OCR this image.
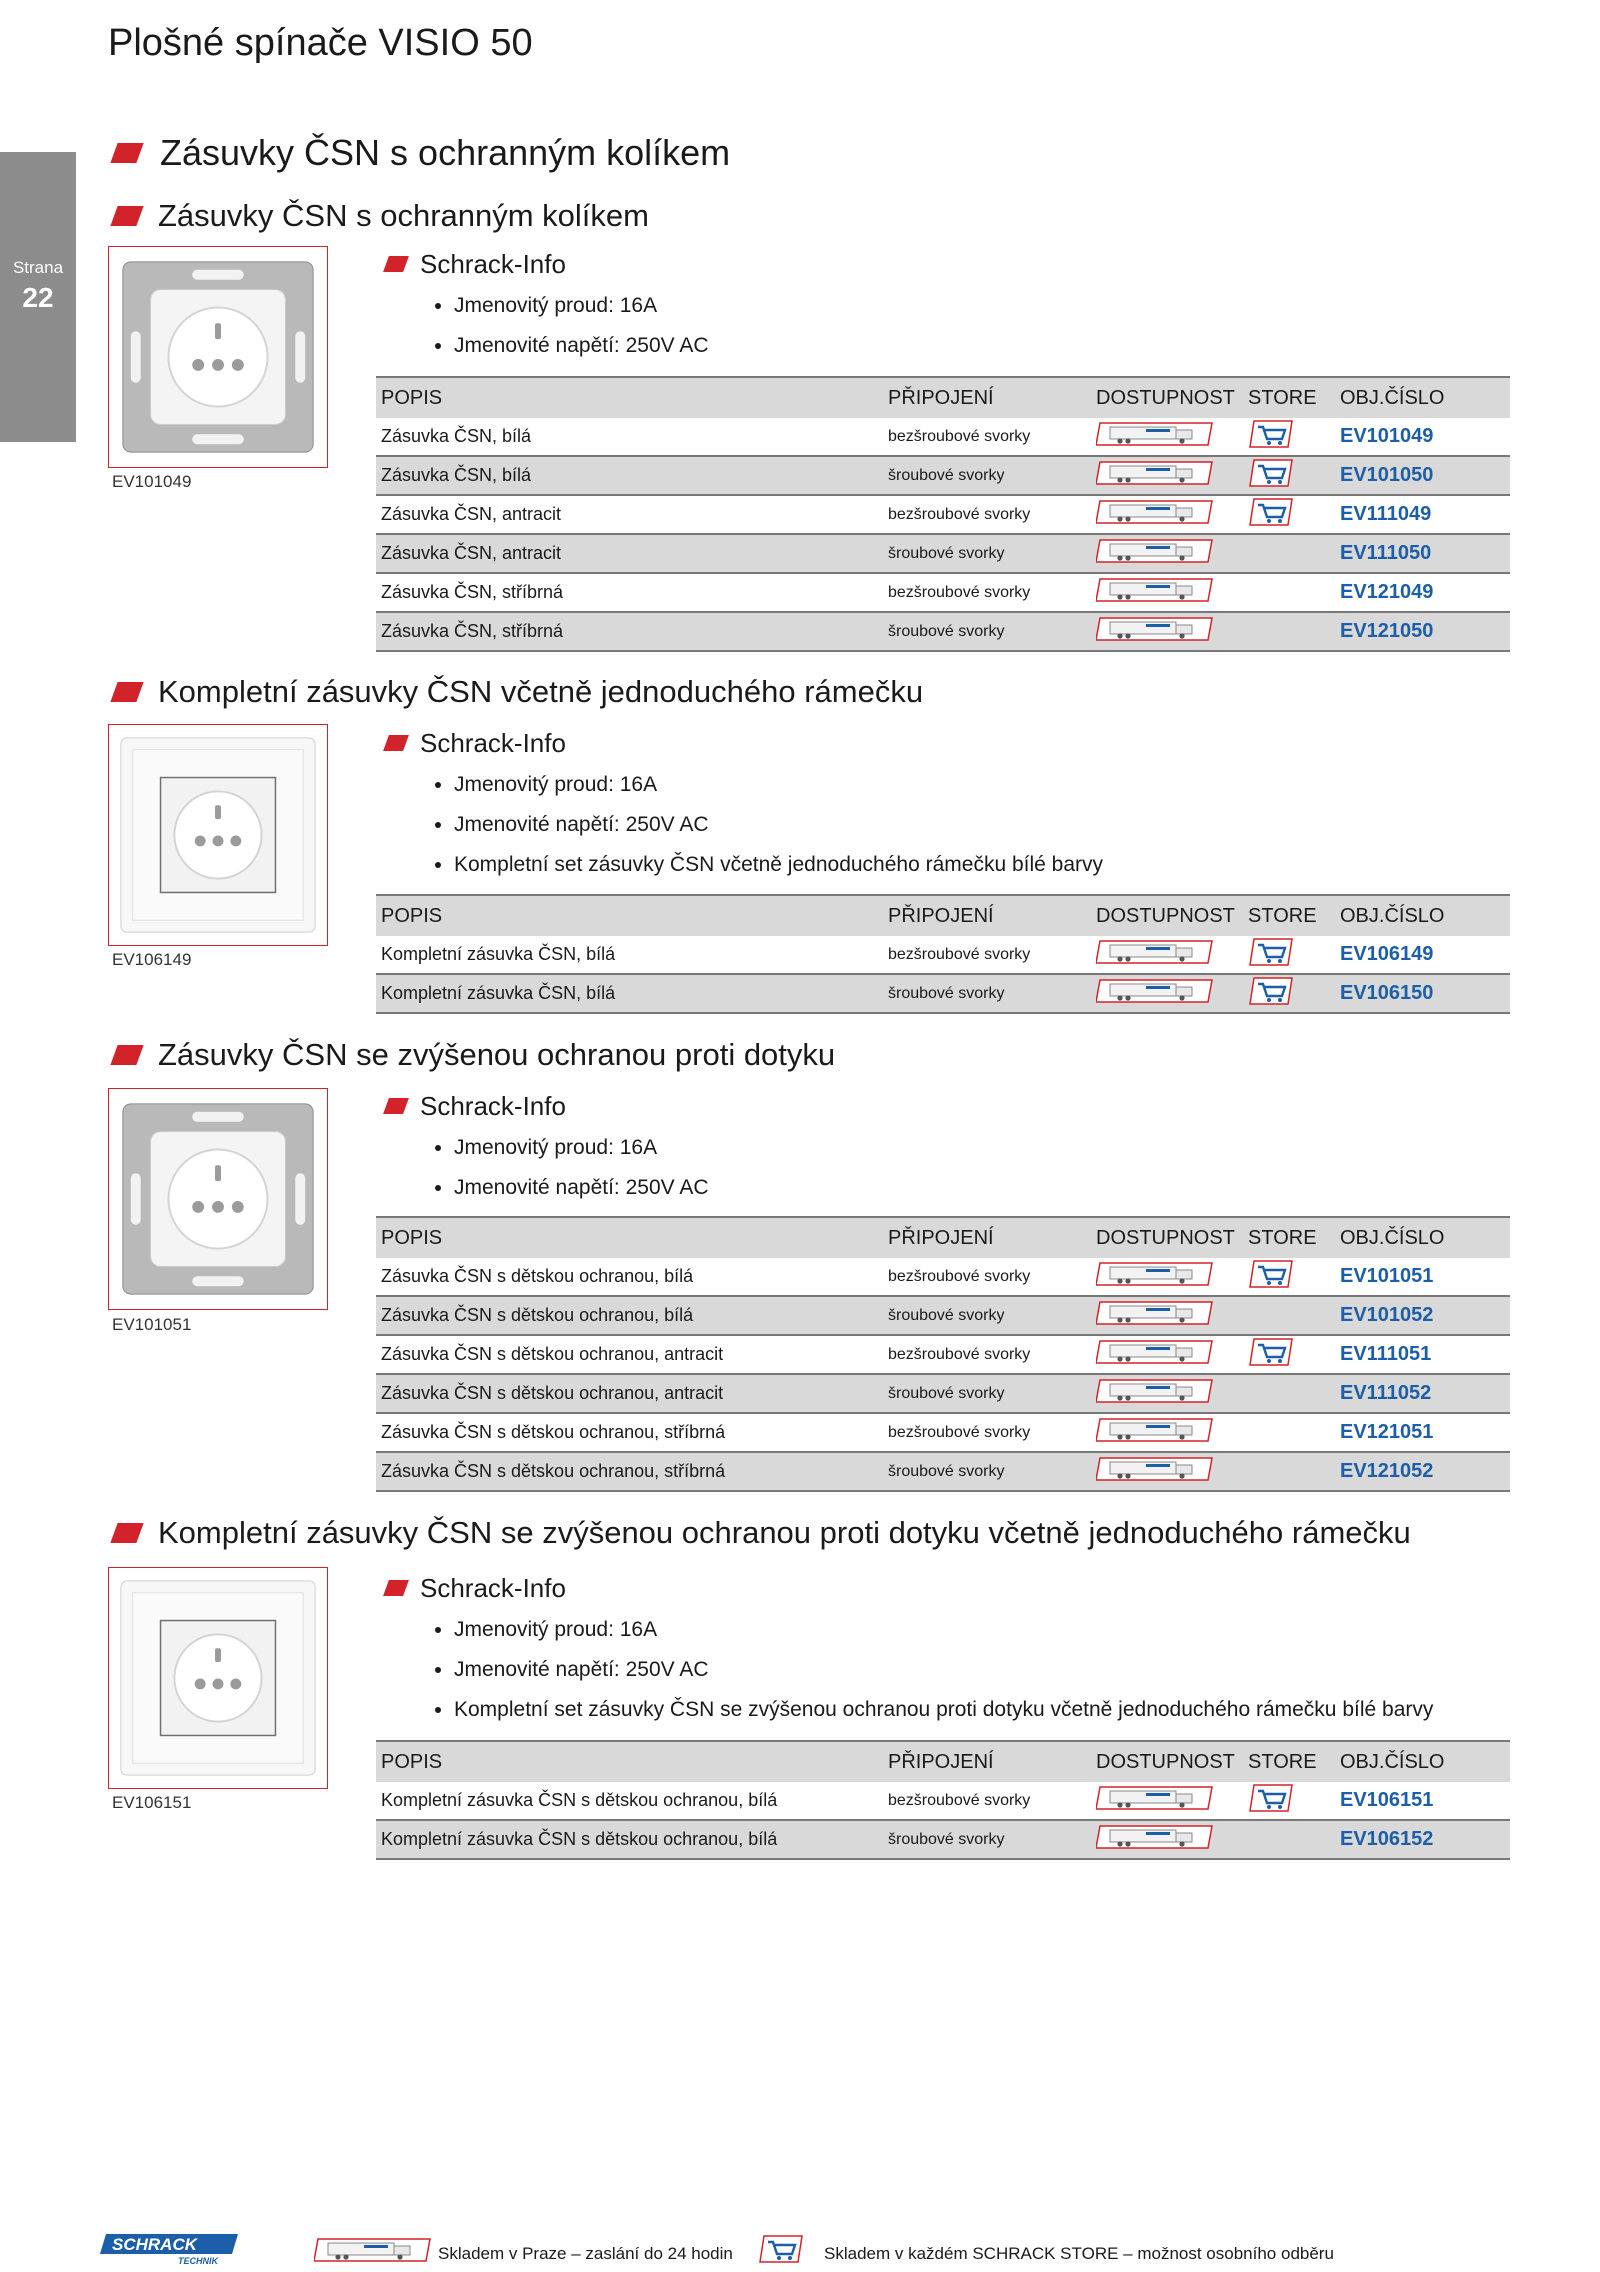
Plošné spínače VISIO 50
Strana
22
Zásuvky ČSN s ochranným kolíkem
Zásuvky ČSN s ochranným kolíkem
EV101049
Schrack-Info
• Jmenovitý proud: 16A
• Jmenovité napětí: 250V AC
POPIS	PŘIPOJENÍ	DOSTUPNOST	STORE	OBJ.ČÍSLO
Zásuvka ČSN, bílá	bezšroubové svorky			EV101049
Zásuvka ČSN, bílá	šroubové svorky			EV101050
Zásuvka ČSN, antracit	bezšroubové svorky			EV111049
Zásuvka ČSN, antracit	šroubové svorky			EV111050
Zásuvka ČSN, stříbrná	bezšroubové svorky			EV121049
Zásuvka ČSN, stříbrná	šroubové svorky			EV121050
Kompletní zásuvky ČSN včetně jednoduchého rámečku
EV106149
Schrack-Info
• Jmenovitý proud: 16A
• Jmenovité napětí: 250V AC
• Kompletní set zásuvky ČSN včetně jednoduchého rámečku bílé barvy
POPIS	PŘIPOJENÍ	DOSTUPNOST	STORE	OBJ.ČÍSLO
Kompletní zásuvka ČSN, bílá	bezšroubové svorky			EV106149
Kompletní zásuvka ČSN, bílá	šroubové svorky			EV106150
Zásuvky ČSN se zvýšenou ochranou proti dotyku
EV101051
Schrack-Info
• Jmenovitý proud: 16A
• Jmenovité napětí: 250V AC
POPIS	PŘIPOJENÍ	DOSTUPNOST	STORE	OBJ.ČÍSLO
Zásuvka ČSN s dětskou ochranou, bílá	bezšroubové svorky			EV101051
Zásuvka ČSN s dětskou ochranou, bílá	šroubové svorky			EV101052
Zásuvka ČSN s dětskou ochranou, antracit	bezšroubové svorky			EV111051
Zásuvka ČSN s dětskou ochranou, antracit	šroubové svorky			EV111052
Zásuvka ČSN s dětskou ochranou, stříbrná	bezšroubové svorky			EV121051
Zásuvka ČSN s dětskou ochranou, stříbrná	šroubové svorky			EV121052
Kompletní zásuvky ČSN se zvýšenou ochranou proti dotyku včetně jednoduchého rámečku
EV106151
Schrack-Info
• Jmenovitý proud: 16A
• Jmenovité napětí: 250V AC
• Kompletní set zásuvky ČSN se zvýšenou ochranou proti dotyku včetně jednoduchého rámečku bílé barvy
POPIS	PŘIPOJENÍ	DOSTUPNOST	STORE	OBJ.ČÍSLO
Kompletní zásuvka ČSN s dětskou ochranou, bílá	bezšroubové svorky			EV106151
Kompletní zásuvka ČSN s dětskou ochranou, bílá	šroubové svorky			EV106152
SCHRACK
TECHNIK	Skladem v Praze – zaslání do 24 hodin	Skladem v každém SCHRACK STORE – možnost osobního odběru
